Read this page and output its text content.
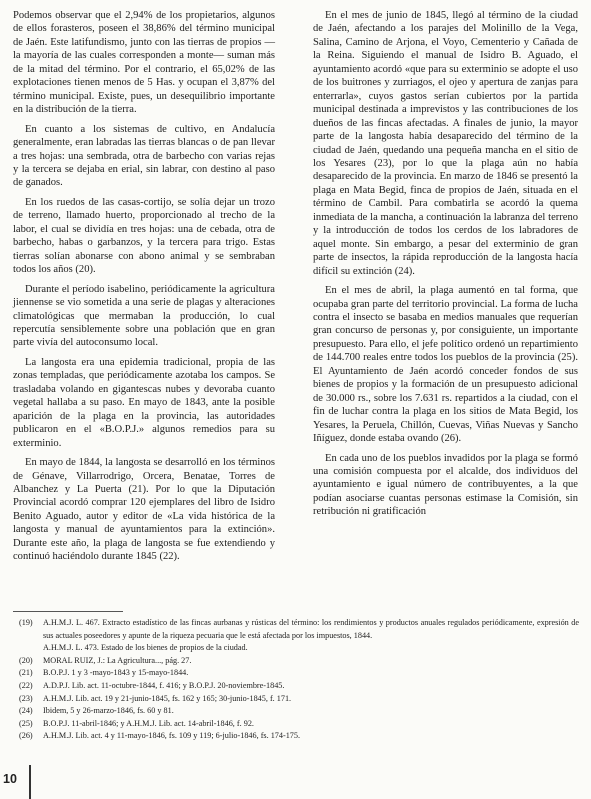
Podemos observar que el 2,94% de los propietarios, algunos de ellos forasteros, poseen el 38,86% del término municipal de Jaén. Este latifundismo, junto con las tierras de propios —la mayoría de las cuales corresponden a monte— suman más de la mitad del término. Por el contrario, el 65,02% de las explotaciones tienen menos de 5 Has. y ocupan el 3,87% del término municipal. Existe, pues, un desequilibrio importante en la distribución de la tierra.

En cuanto a los sistemas de cultivo, en Andalucía generalmente, eran labradas las tierras blancas o de pan llevar a tres hojas: una sembrada, otra de barbecho con varias rejas y la tercera se dejaba en erial, sin labrar, con destino al paso de ganados.

En los ruedos de las casas-cortijo, se solía dejar un trozo de terreno, llamado huerto, proporcionado al trecho de la labor, el cual se dividía en tres hojas: una de cebada, otra de barbecho, habas o garbanzos, y la tercera para trigo. Estas tierras solían abonarse con abono animal y se sembraban todos los años (20).

Durante el período isabelino, periódicamente la agricultura jiennense se vio sometida a una serie de plagas y alteraciones climatológicas que mermaban la producción, lo cual repercutía sensiblemente sobre una población que en gran parte vivía del autoconsumo local.

La langosta era una epidemia tradicional, propia de las zonas templadas, que periódicamente azotaba los campos. Se trasladaba volando en gigantescas nubes y devoraba cuanto vegetal hallaba a su paso. En mayo de 1843, ante la posible aparición de la plaga en la provincia, las autoridades publicaron en el «B.O.P.J.» algunos remedios para su exterminio.

En mayo de 1844, la langosta se desarrolló en los términos de Génave, Villarrodrigo, Orcera, Benatae, Torres de Albanchez y La Puerta (21). Por lo que la Diputación Provincial acordó comprar 120 ejemplares del libro de Isidro Benito Aguado, autor y editor de «La vida histórica de la langosta y manual de ayuntamientos para la extinción». Durante este año, la plaga de langosta se fue extendiendo y continuó haciéndolo durante 1845 (22).

En el mes de junio de 1845, llegó al término de la ciudad de Jaén, afectando a los parajes del Molinillo de la Vega, Salina, Camino de Arjona, el Voyo, Cementerio y Cañada de la Reina. Siguiendo el manual de Isidro B. Aguado, el ayuntamiento acordó «que para su exterminio se adopte el uso de los buitrones y zurriagos, el ojeo y apertura de zanjas para enterrarla», cuyos gastos serían cubiertos por la partida municipal destinada a imprevistos y las contribuciones de los dueños de las fincas afectadas. A finales de junio, la mayor parte de la langosta había desaparecido del término de la ciudad de Jaén, quedando una pequeña mancha en el sitio de los Yesares (23), por lo que la plaga aún no había desaparecido de la provincia. En marzo de 1846 se presentó la plaga en Mata Begid, finca de propios de Jaén, situada en el término de Cambil. Para combatirla se acordó la quema inmediata de la mancha, a continuación la labranza del terreno y la introducción de todos los cerdos de los labradores de aquel monte. Sin embargo, a pesar del exterminio de gran parte de insectos, la rápida reproducción de la langosta hacía difícil su extinción (24).

En el mes de abril, la plaga aumentó en tal forma, que ocupaba gran parte del territorio provincial. La forma de lucha contra el insecto se basaba en medios manuales que requerían gran concurso de personas y, por consiguiente, un importante presupuesto. Para ello, el jefe político ordenó un repartimiento de 144.700 reales entre todos los pueblos de la provincia (25). El Ayuntamiento de Jaén acordó conceder fondos de sus bienes de propios y la formación de un presupuesto adicional de 30.000 rs., sobre los 7.631 rs. repartidos a la ciudad, con el fin de luchar contra la plaga en los sitios de Mata Begid, los Yesares, la Peruela, Chillón, Cuevas, Viñas Nuevas y Sancho Iñíguez, donde estaba ovando (26).

En cada uno de los pueblos invadidos por la plaga se formó una comisión compuesta por el alcalde, dos individuos del ayuntamiento e igual número de contribuyentes, a la que podían asociarse cuantas personas estimase la Comisión, sin retribución ni gratificación

(19)	A.H.M.J. L. 467. Extracto estadístico de las fincas aurbanas y rústicas del término: los rendimientos y productos anuales regulados periódicamente, expresión de sus actuales poseedores y apunte de la riqueza pecuaria que le está afectada por los impuestos, 1844.
A.H.M.J. L. 473. Estado de los bienes de propios de la ciudad.
(20)	MORAL RUIZ, J.: La Agricultura..., pág. 27.
(21)	B.O.P.J. 1 y 3 -mayo-1843 y 15-mayo-1844.
(22)	A.D.P.J. Lib. act. 11-octubre-1844, f. 416; y B.O.P.J. 20-noviembre-1845.
(23)	A.H.M.J. Lib. act. 19 y 21-junio-1845, fs. 162 y 165; 30-junio-1845, f. 171.
(24)	Ibidem, 5 y 26-marzo-1846, fs. 60 y 81.
(25)	B.O.P.J. 11-abril-1846; y A.H.M.J. Lib. act. 14-abril-1846, f. 92.
(26)	A.H.M.J. Lib. act. 4 y 11-mayo-1846, fs. 109 y 119; 6-julio-1846, fs. 174-175.
10
